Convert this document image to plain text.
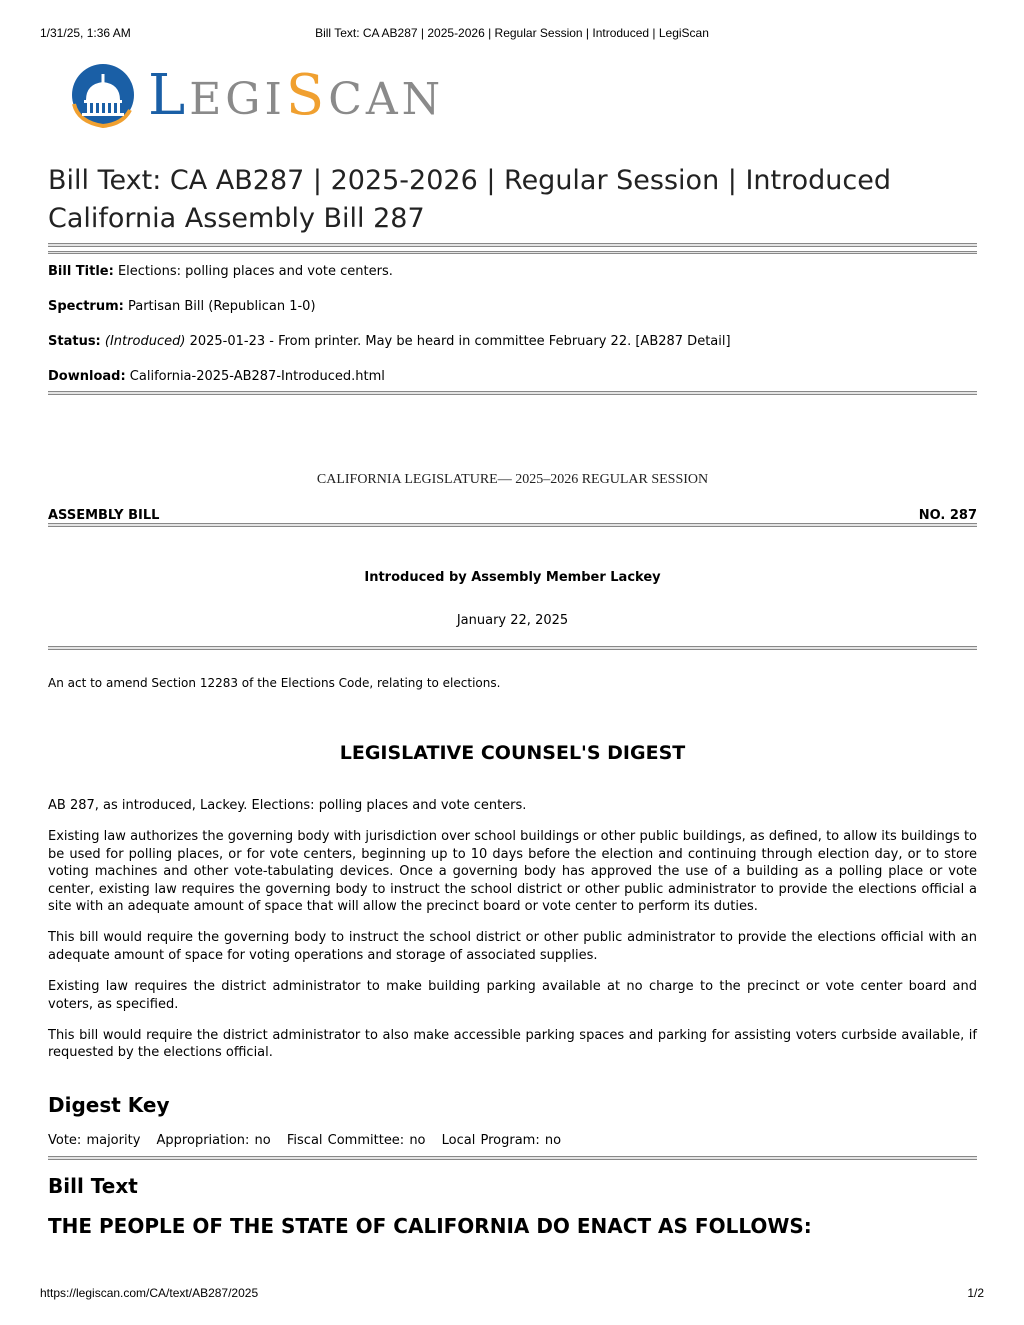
1/31/25, 1:36 AM	Bill Text: CA AB287 | 2025-2026 | Regular Session | Introduced | LegiScan
LEGISCAN
Bill Text: CA AB287 | 2025-2026 | Regular Session | Introduced
California Assembly Bill 287

Bill Title: Elections: polling places and vote centers.

Spectrum: Partisan Bill (Republican 1-0)

Status: (Introduced) 2025-01-23 - From printer. May be heard in committee February 22. [AB287 Detail]

Download: California-2025-AB287-Introduced.html

CALIFORNIA LEGISLATURE— 2025–2026 REGULAR SESSION
ASSEMBLY BILL	NO. 287
Introduced by Assembly Member Lackey
January 22, 2025
An act to amend Section 12283 of the Elections Code, relating to elections.
LEGISLATIVE COUNSEL'S DIGEST

AB 287, as introduced, Lackey. Elections: polling places and vote centers.

Existing law authorizes the governing body with jurisdiction over school buildings or other public buildings, as defined, to allow its buildings to be used for polling places, or for vote centers, beginning up to 10 days before the election and continuing through election day, or to store voting machines and other vote-tabulating devices. Once a governing body has approved the use of a building as a polling place or vote center, existing law requires the governing body to instruct the school district or other public administrator to provide the elections official a site with an adequate amount of space that will allow the precinct board or vote center to perform its duties.

This bill would require the governing body to instruct the school district or other public administrator to provide the elections official with an adequate amount of space for voting operations and storage of associated supplies.

Existing law requires the district administrator to make building parking available at no charge to the precinct or vote center board and voters, as specified.

This bill would require the district administrator to also make accessible parking spaces and parking for assisting voters curbside available, if requested by the elections official.

Digest Key
Vote: majority Appropriation: no Fiscal Committee: no Local Program: no
Bill Text
THE PEOPLE OF THE STATE OF CALIFORNIA DO ENACT AS FOLLOWS:
https://legiscan.com/CA/text/AB287/2025	1/2
